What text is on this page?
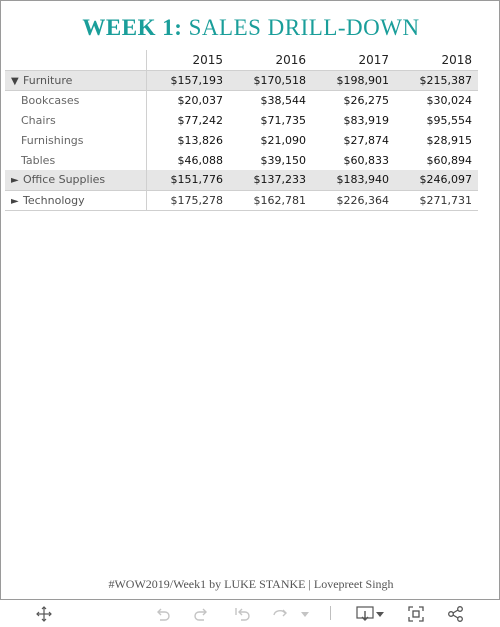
WEEK 1: SALES DRILL-DOWN
	2015	2016	2017	2018
▼ Furniture	$157,193	$170,518	$198,901	$215,387
Bookcases	$20,037	$38,544	$26,275	$30,024
Chairs	$77,242	$71,735	$83,919	$95,554
Furnishings	$13,826	$21,090	$27,874	$28,915
Tables	$46,088	$39,150	$60,833	$60,894
► Office Supplies	$151,776	$137,233	$183,940	$246,097
► Technology	$175,278	$162,781	$226,364	$271,731
#WOW2019/Week1 by LUKE STANKE | Lovepreet Singh
